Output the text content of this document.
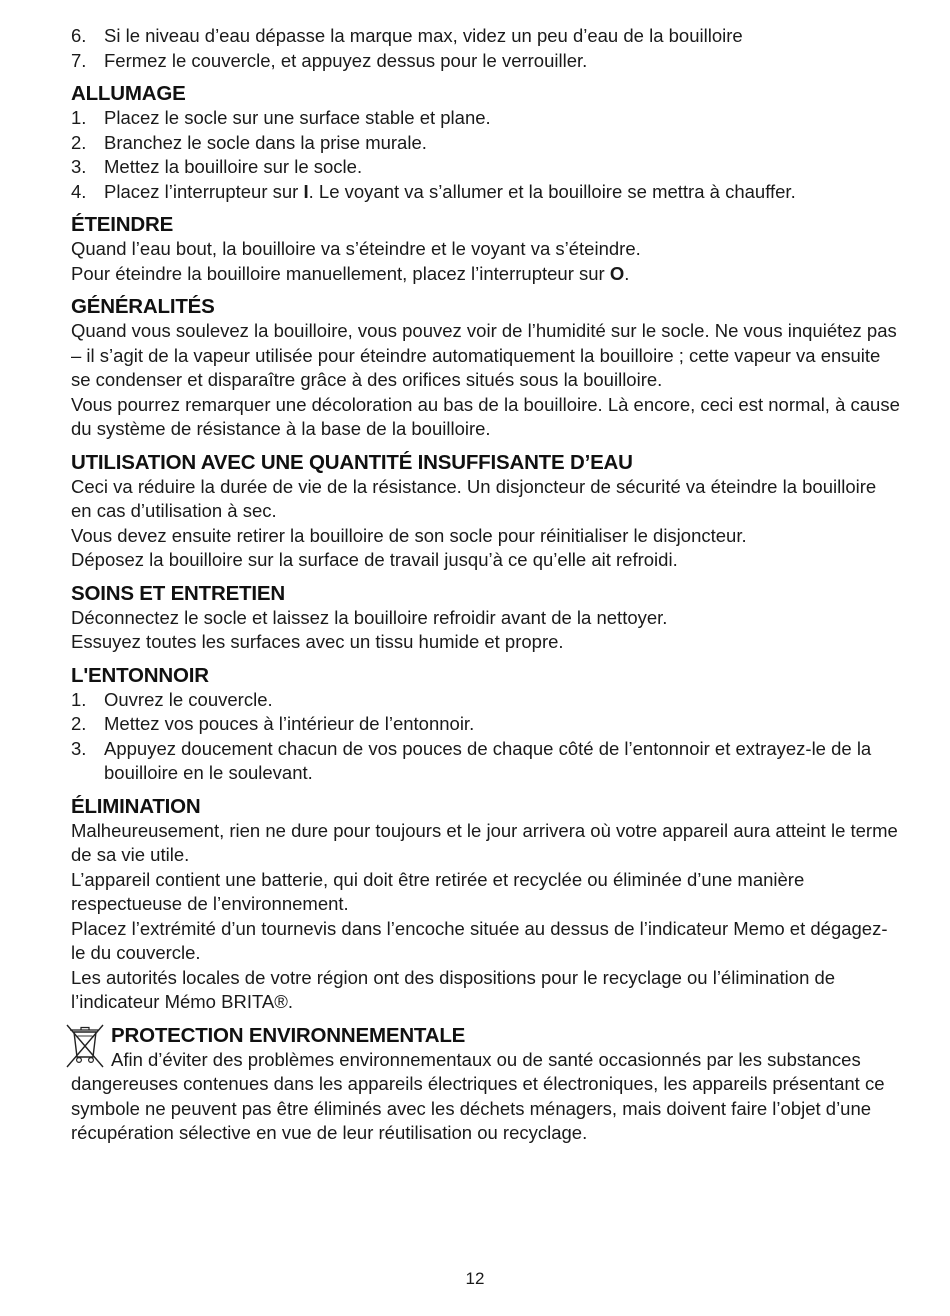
6. Si le niveau d’eau dépasse la marque max, videz un peu d’eau de la bouilloire
7. Fermez le couvercle, et appuyez dessus pour le verrouiller.
ALLUMAGE
1. Placez le socle sur une surface stable et plane.
2. Branchez le socle dans la prise murale.
3. Mettez la bouilloire sur le socle.
4. Placez l’interrupteur sur I. Le voyant va s’allumer et la bouilloire se mettra à chauffer.
ÉTEINDRE

Quand l’eau bout, la bouilloire va s’éteindre et le voyant va s’éteindre.

Pour éteindre la bouilloire manuellement, placez l’interrupteur sur O.

GÉNÉRALITÉS

Quand vous soulevez la bouilloire, vous pouvez voir de l’humidité sur le socle. Ne vous inquiétez pas – il s’agit de la vapeur utilisée pour éteindre automatiquement la bouilloire ; cette vapeur va ensuite se condenser et disparaître grâce à des orifices situés sous la bouilloire.

Vous pourrez remarquer une décoloration au bas de la bouilloire. Là encore, ceci est normal, à cause du système de résistance à la base de la bouilloire.

UTILISATION AVEC UNE QUANTITÉ INSUFFISANTE D’EAU

Ceci va réduire la durée de vie de la résistance. Un disjoncteur de sécurité va éteindre la bouilloire en cas d’utilisation à sec.

Vous devez ensuite retirer la bouilloire de son socle pour réinitialiser le disjoncteur.

Déposez la bouilloire sur la surface de travail jusqu’à ce qu’elle ait refroidi.

SOINS ET ENTRETIEN

Déconnectez le socle et laissez la bouilloire refroidir avant de la nettoyer.

Essuyez toutes les surfaces avec un tissu humide et propre.

L'ENTONNOIR
1. Ouvrez le couvercle.
2. Mettez vos pouces à l’intérieur de l’entonnoir.
3. Appuyez doucement chacun de vos pouces de chaque côté de l’entonnoir et extrayez-le de la bouilloire en le soulevant.
ÉLIMINATION

Malheureusement, rien ne dure pour toujours et le jour arrivera où votre appareil aura atteint le terme de sa vie utile.

L’appareil contient une batterie, qui doit être retirée et recyclée ou éliminée d’une manière respectueuse de l’environnement.

Placez l’extrémité d’un tournevis dans l’encoche située au dessus de l’indicateur Memo et dégagez-le du couvercle.

Les autorités locales de votre région ont des dispositions pour le recyclage ou l’élimination de l’indicateur Mémo BRITA®.

PROTECTION ENVIRONNEMENTALE

Afin d’éviter des problèmes environnementaux ou de santé occasionnés par les substances dangereuses contenues dans les appareils électriques et électroniques, les appareils présentant ce symbole ne peuvent pas être éliminés avec les déchets ménagers, mais doivent faire l’objet d’une récupération sélective en vue de leur réutilisation ou recyclage.

12
